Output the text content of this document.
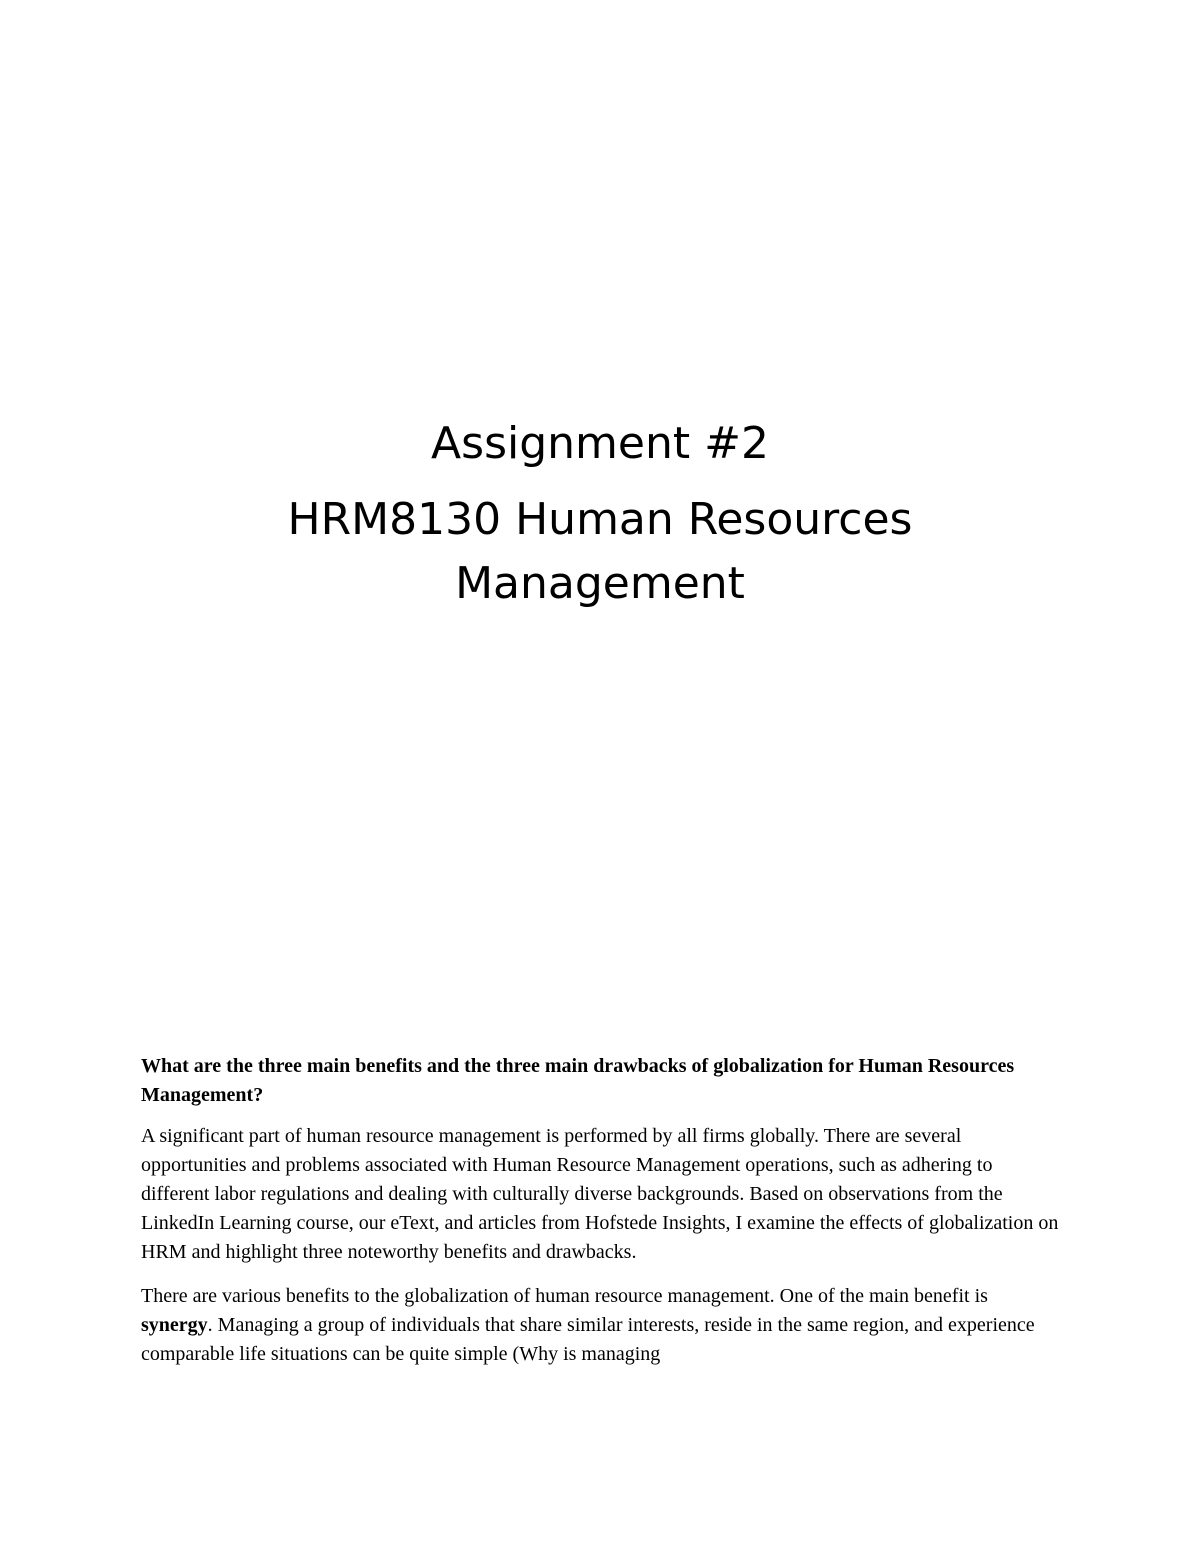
Assignment #2

HRM8130 Human Resources

Management

What are the three main benefits and the three main drawbacks of globalization for Human Resources Management?

A significant part of human resource management is performed by all firms globally. There are several opportunities and problems associated with Human Resource Management operations, such as adhering to different labor regulations and dealing with culturally diverse backgrounds. Based on observations from the LinkedIn Learning course, our eText, and articles from Hofstede Insights, I examine the effects of globalization on HRM and highlight three noteworthy benefits and drawbacks.

There are various benefits to the globalization of human resource management. One of the main benefit is synergy. Managing a group of individuals that share similar interests, reside in the same region, and experience comparable life situations can be quite simple (Why is managing
